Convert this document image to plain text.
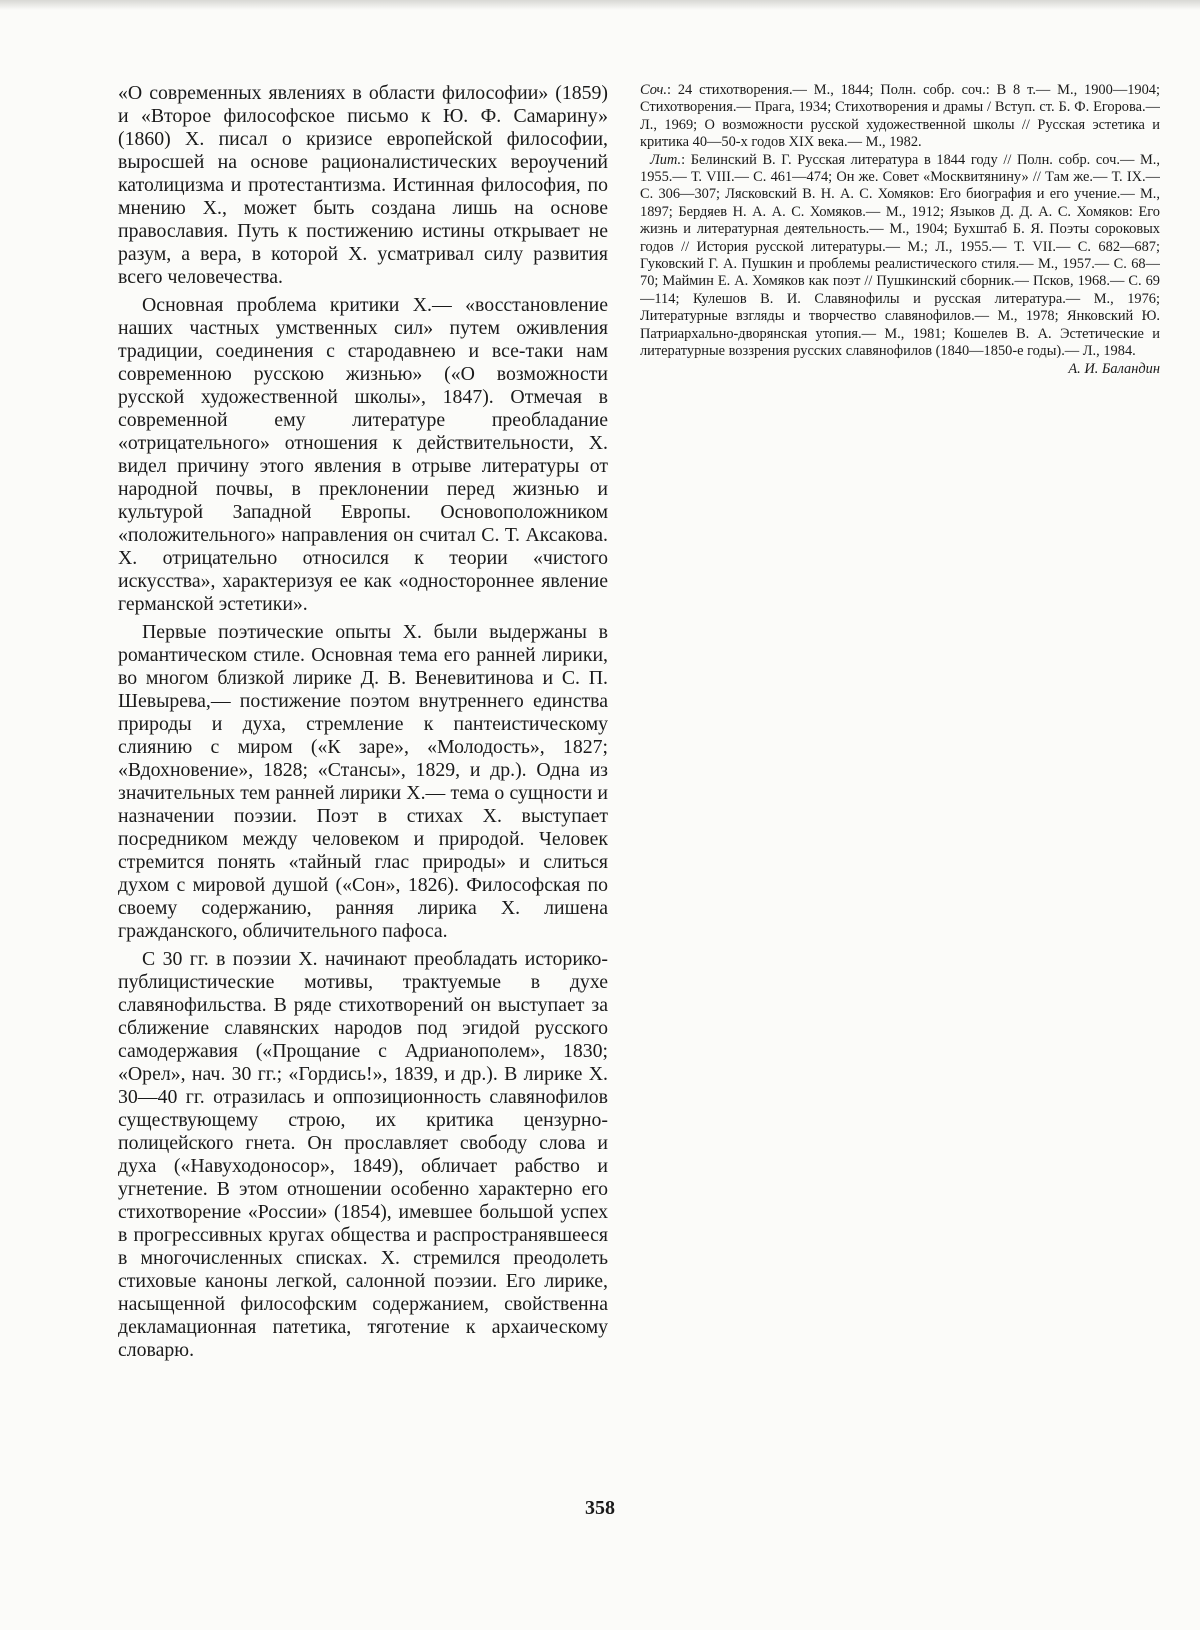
«О современных явлениях в области философии» (1859) и «Второе философское письмо к Ю. Ф. Самарину» (1860) Х. писал о кризисе европейской философии, выросшей на основе рационалистических вероучений католицизма и протестантизма. Истинная философия, по мнению Х., может быть создана лишь на основе православия. Путь к постижению истины открывает не разум, а вера, в которой Х. усматривал силу развития всего человечества.

Основная проблема критики Х.— «восстановление наших частных умственных сил» путем оживления традиции, соединения с стародавнею и все-таки нам современною русскою жизнью» («О возможности русской художественной школы», 1847). Отмечая в современной ему литературе преобладание «отрицательного» отношения к действительности, Х. видел причину этого явления в отрыве литературы от народной почвы, в преклонении перед жизнью и культурой Западной Европы. Основоположником «положительного» направления он считал С. Т. Аксакова. Х. отрицательно относился к теории «чистого искусства», характеризуя ее как «одностороннее явление германской эстетики».

Первые поэтические опыты Х. были выдержаны в романтическом стиле. Основная тема его ранней лирики, во многом близкой лирике Д. В. Веневитинова и С. П. Шевырева,— постижение поэтом внутреннего единства природы и духа, стремление к пантеистическому слиянию с миром («К заре», «Молодость», 1827; «Вдохновение», 1828; «Стансы», 1829, и др.). Одна из значительных тем ранней лирики Х.— тема о сущности и назначении поэзии. Поэт в стихах Х. выступает посредником между человеком и природой. Человек стремится понять «тайный глас природы» и слиться духом с мировой душой («Сон», 1826). Философская по своему содержанию, ранняя лирика Х. лишена гражданского, обличительного пафоса.

С 30 гг. в поэзии Х. начинают преобладать историко-публицистические мотивы, трактуемые в духе славянофильства. В ряде стихотворений он выступает за сближение славянских народов под эгидой русского самодержавия («Прощание с Адрианополем», 1830; «Орел», нач. 30 гг.; «Гордись!», 1839, и др.). В лирике Х. 30—40 гг. отразилась и оппозиционность славянофилов существующему строю, их критика цензурно-полицейского гнета. Он прославляет свободу слова и духа («Навуходоносор», 1849), обличает рабство и угнетение. В этом отношении особенно характерно его стихотворение «России» (1854), имевшее большой успех в прогрессивных кругах общества и распространявшееся в многочисленных списках. Х. стремился преодолеть стиховые каноны легкой, салонной поэзии. Его лирике, насыщенной философским содержанием, свойственна декламационная патетика, тяготение к архаическому словарю.

Соч.: 24 стихотворения.— М., 1844; Полн. собр. соч.: В 8 т.— М., 1900—1904; Стихотворения.— Прага, 1934; Стихотворения и драмы / Вступ. ст. Б. Ф. Егорова.— Л., 1969; О возможности русской художественной школы // Русская эстетика и критика 40—50-х годов XIX века.— М., 1982.

Лит.: Белинский В. Г. Русская литература в 1844 году // Полн. собр. соч.— М., 1955.— Т. VIII.— С. 461—474; Он же. Совет «Москвитянину» // Там же.— Т. IX.— С. 306—307; Лясковский В. Н. А. С. Хомяков: Его биография и его учение.— М., 1897; Бердяев Н. А. А. С. Хомяков.— М., 1912; Языков Д. Д. А. С. Хомяков: Его жизнь и литературная деятельность.— М., 1904; Бухштаб Б. Я. Поэты сороковых годов // История русской литературы.— М.; Л., 1955.— Т. VII.— С. 682—687; Гуковский Г. А. Пушкин и проблемы реалистического стиля.— М., 1957.— С. 68—70; Маймин Е. А. Хомяков как поэт // Пушкинский сборник.— Псков, 1968.— С. 69—114; Кулешов В. И. Славянофилы и русская литература.— М., 1976; Литературные взгляды и творчество славянофилов.— М., 1978; Янковский Ю. Патриархально-дворянская утопия.— М., 1981; Кошелев В. А. Эстетические и литературные воззрения русских славянофилов (1840—1850-е годы).— Л., 1984.
А. И. Баландин

358
